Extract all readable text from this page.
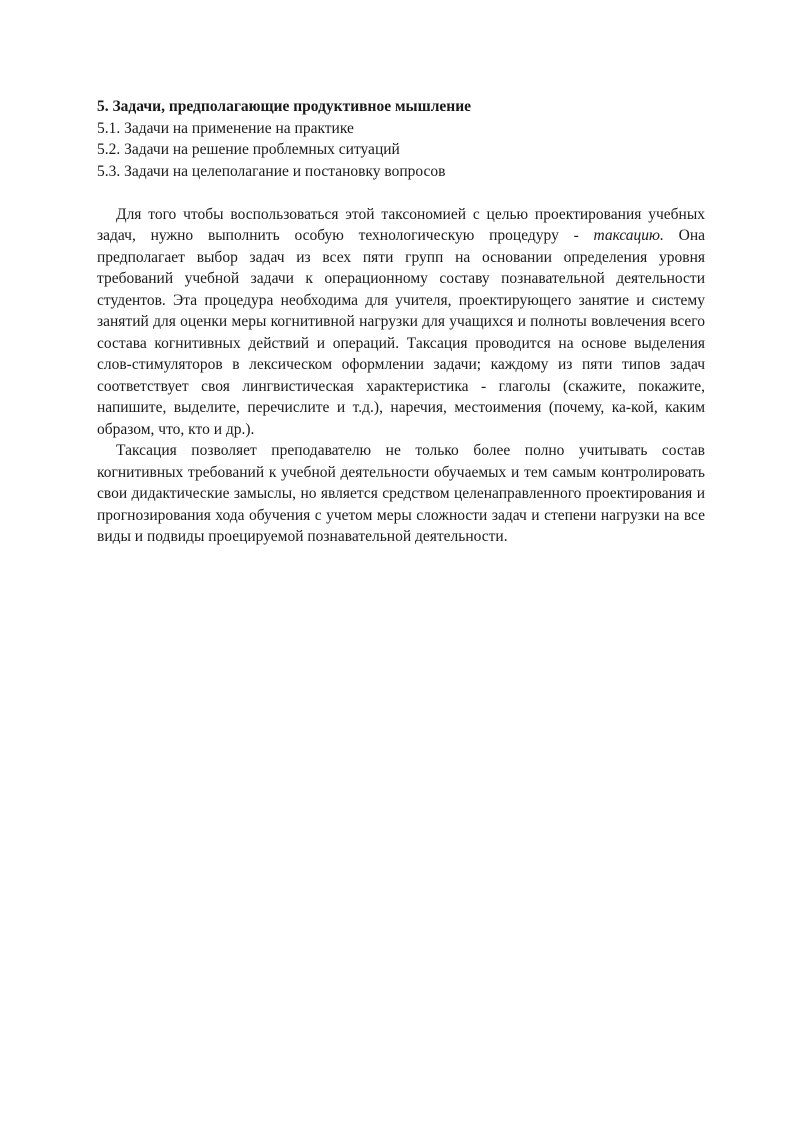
5. Задачи, предполагающие продуктивное мышление

5.1. Задачи на применение на практике

5.2. Задачи на решение проблемных ситуаций

5.3. Задачи на целеполагание и постановку вопросов

Для того чтобы воспользоваться этой таксономией с целью проектирования учебных задач, нужно выполнить особую технологическую процедуру - таксацию. Она предполагает выбор задач из всех пяти групп на основании определения уровня требований учебной задачи к операционному составу познавательной деятельности студентов. Эта процедура необходима для учителя, проектирующего занятие и систему занятий для оценки меры когнитивной нагрузки для учащихся и полноты вовлечения всего состава когнитивных действий и операций. Таксация проводится на основе выделения слов-стимуляторов в лексическом оформлении задачи; каждому из пяти типов задач соответствует своя лингвистическая характеристика - глаголы (скажите, покажите, напишите, выделите, перечислите и т.д.), наречия, местоимения (почему, ка-кой, каким образом, что, кто и др.).

Таксация позволяет преподавателю не только более полно учитывать состав когнитивных требований к учебной деятельности обучаемых и тем самым контролировать свои дидактические замыслы, но является средством целенаправленного проектирования и прогнозирования хода обучения с учетом меры сложности задач и степени нагрузки на все виды и подвиды проецируемой познавательной деятельности.
